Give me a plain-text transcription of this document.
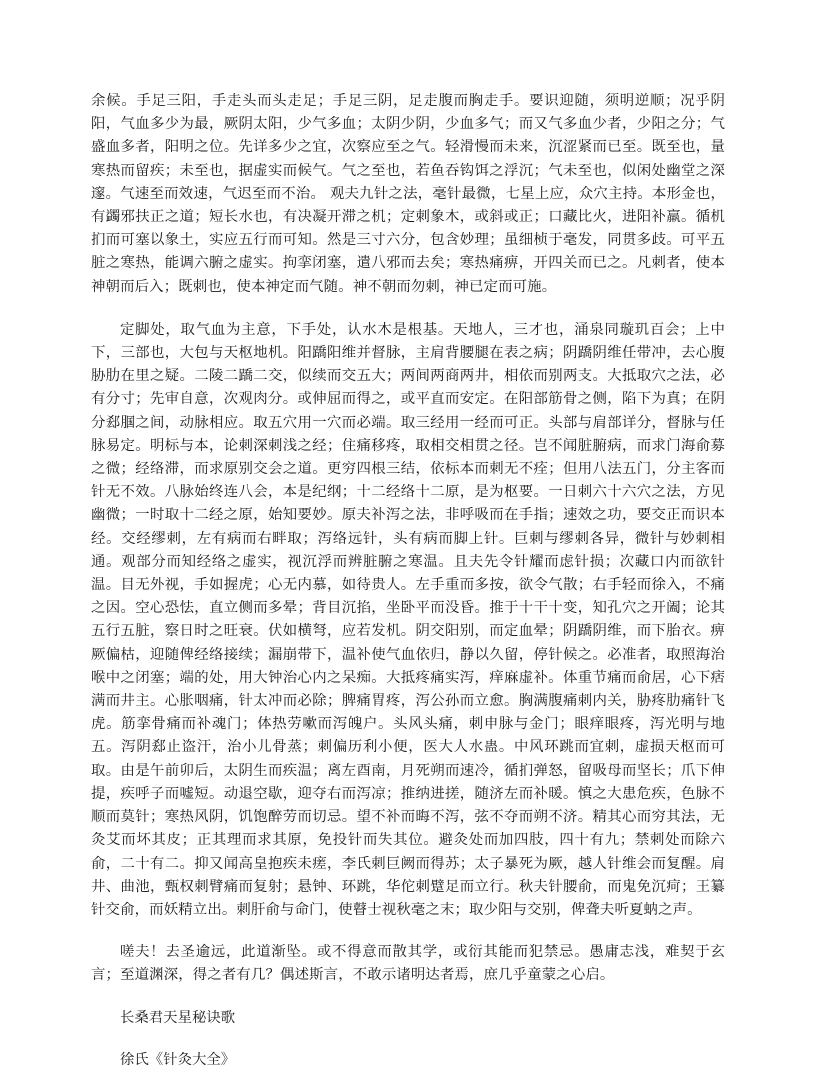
余候。手足三阳，手走头而头走足；手足三阴，足走腹而胸走手。要识迎随，须明逆顺；况乎阴阳，气血多少为最，厥阴太阳，少气多血；太阴少阴，少血多气；而又气多血少者，少阳之分；气盛血多者，阳明之位。先详多少之宜，次察应至之气。轻滑慢而未来，沉涩紧而已至。既至也，量寒热而留疾；未至也，据虚实而候气。气之至也，若鱼吞钩饵之浮沉；气未至也，似闲处幽堂之深邃。气速至而效速，气迟至而不治。 观夫九针之法，毫针最微，七星上应，众穴主持。本形金也，有蠲邪扶正之道；短长水也，有决凝开滞之机；定刺象木，或斜或正；口藏比火，进阳补羸。循机扪而可塞以象土，实应五行而可知。然是三寸六分，包含妙理；虽细桢于毫发，同贯多歧。可平五脏之寒热，能调六腑之虚实。拘挛闭塞，遣八邪而去矣；寒热痛痹，开四关而已之。凡刺者，使本神朝而后入；既刺也，使本神定而气随。神不朝而勿刺，神已定而可施。

定脚处，取气血为主意，下手处，认水木是根基。天地人，三才也，涌泉同璇玑百会；上中下，三部也，大包与天枢地机。阳蹻阳维并督脉，主肩背腰腿在表之病；阴蹻阴维任带冲，去心腹胁肋在里之疑。二陵二蹻二交，似续而交五大；两间两商两井，相依而别两支。大抵取穴之法，必有分寸；先审自意，次观肉分。或伸屈而得之，或平直而安定。在阳部筋骨之侧，陷下为真；在阴分郄腘之间，动脉相应。取五穴用一穴而必端。取三经用一经而可正。头部与肩部详分，督脉与任脉易定。明标与本，论刺深刺浅之经；住痛移疼，取相交相贯之径。岂不闻脏腑病，而求门海俞募之微；经络滞，而求原别交会之道。更穷四根三结，依标本而刺无不痊；但用八法五门，分主客而针无不效。八脉始终连八会，本是纪纲；十二经络十二原，是为枢要。一日刺六十六穴之法，方见幽微；一时取十二经之原，始知要妙。原夫补泻之法，非呼吸而在手指；速效之功，要交正而识本经。交经缪刺，左有病而右畔取；泻络远针，头有病而脚上针。巨刺与缪刺各异，微针与妙刺相通。观部分而知经络之虚实，视沉浮而辨脏腑之寒温。且夫先令针耀而虑针损；次藏口内而欲针温。目无外视，手如握虎；心无内慕，如待贵人。左手重而多按，欲令气散；右手轻而徐入，不痛之因。空心恐怯，直立侧而多晕；背目沉掐，坐卧平而没昏。推于十干十变，知孔穴之开阖；论其五行五脏，察日时之旺衰。伏如横弩，应若发机。阴交阳别，而定血晕；阴蹻阴维，而下胎衣。痹厥偏枯，迎随俾经络接续；漏崩带下，温补使气血依归，静以久留，停针候之。必准者，取照海治喉中之闭塞；端的处，用大钟治心内之呆痴。大抵疼痛实泻，痒麻虚补。体重节痛而俞居，心下痞满而井主。心胀咽痛，针太冲而必除；脾痛胃疼，泻公孙而立愈。胸满腹痛刺内关，胁疼肋痛针飞虎。筋挛骨痛而补魂门；体热劳嗽而泻魄户。头风头痛，刺申脉与金门；眼痒眼疼，泻光明与地五。泻阴郄止盗汗，治小儿骨蒸；刺偏历利小便，医大人水蛊。中风环跳而宜刺，虚损天枢而可取。由是午前卯后，太阴生而疾温；离左酉南，月死朔而速冷，循扪弹怒，留吸母而坚长；爪下伸提，疾呼子而嘘短。动退空歇，迎夺右而泻凉；推纳进搓，随济左而补暖。慎之大患危疾，色脉不顺而莫针；寒热风阴，饥饱醉劳而切忌。望不补而晦不泻，弦不夺而朔不济。精其心而穷其法，无灸艾而坏其皮；正其理而求其原，免投针而失其位。避灸处而加四肢，四十有九；禁刺处而除六俞，二十有二。抑又闻高皇抱疾未瘥，李氏刺巨阙而得苏；太子暴死为厥，越人针维会而复醒。肩井、曲池，甄权刺臂痛而复射；悬钟、环跳，华佗刺躄足而立行。秋夫针腰俞，而鬼免沉疴；王纂针交俞，而妖精立出。刺肝俞与命门，使瞽士视秋毫之末；取少阳与交别，俾聋夫听夏蚋之声。

嗟夫！去圣逾远，此道渐坠。或不得意而散其学，或衍其能而犯禁忌。愚庸志浅，难契于玄言；至道渊深，得之者有几？偶述斯言，不敢示诸明达者焉，庶几乎童蒙之心启。

长桑君天星秘诀歌

徐氏《针灸大全》
